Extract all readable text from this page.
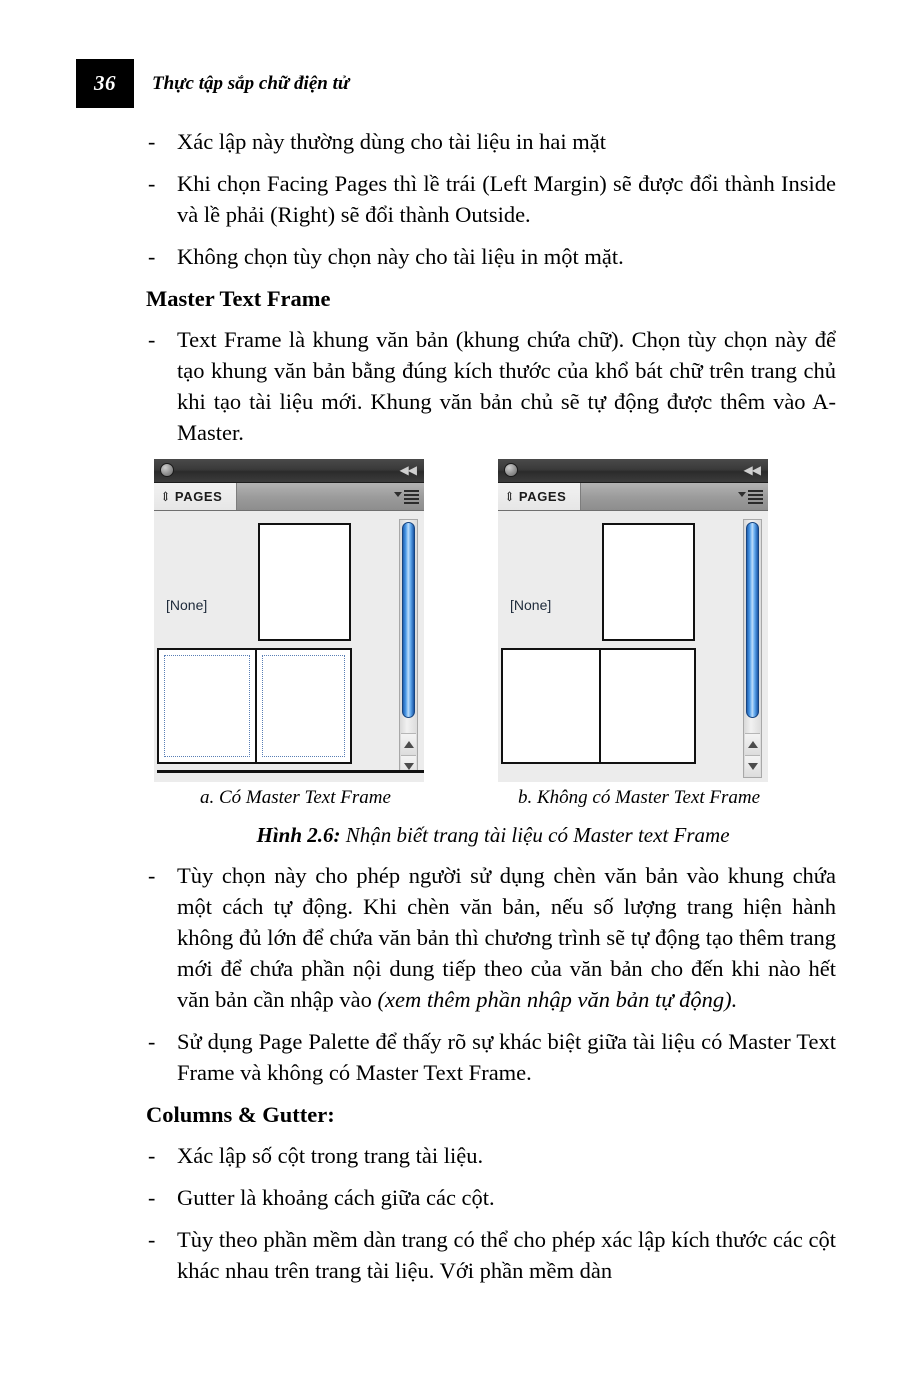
36	Thực tập sắp chữ điện tử
- Xác lập này thường dùng cho tài liệu in hai mặt
- Khi chọn Facing Pages thì lề trái (Left Margin) sẽ được đổi thành Inside và lề phải (Right) sẽ đổi thành Outside.
- Không chọn tùy chọn này cho tài liệu in một mặt.
Master Text Frame
- Text Frame là khung văn bản (khung chứa chữ). Chọn tùy chọn này để tạo khung văn bản bằng đúng kích thước của khổ bát chữ trên trang chủ khi tạo tài liệu mới. Khung văn bản chủ sẽ tự động được thêm vào A-Master.
◀◀
⇕ PAGES
[None]
◀◀
⇕ PAGES
[None]
a. Có Master Text Frame	b. Không có Master Text Frame
Hình 2.6: Nhận biết trang tài liệu có Master text Frame
- Tùy chọn này cho phép người sử dụng chèn văn bản vào khung chứa một cách tự động. Khi chèn văn bản, nếu số lượng trang hiện hành không đủ lớn để chứa văn bản thì chương trình sẽ tự động tạo thêm trang mới để chứa phần nội dung tiếp theo của văn bản cho đến khi nào hết văn bản cần nhập vào (xem thêm phần nhập văn bản tự động).
- Sử dụng Page Palette để thấy rõ sự khác biệt giữa tài liệu có Master Text Frame và không có Master Text Frame.
Columns & Gutter:
- Xác lập số cột trong trang tài liệu.
- Gutter là khoảng cách giữa các cột.
- Tùy theo phần mềm dàn trang có thể cho phép xác lập kích thước các cột khác nhau trên trang tài liệu. Với phần mềm dàn
